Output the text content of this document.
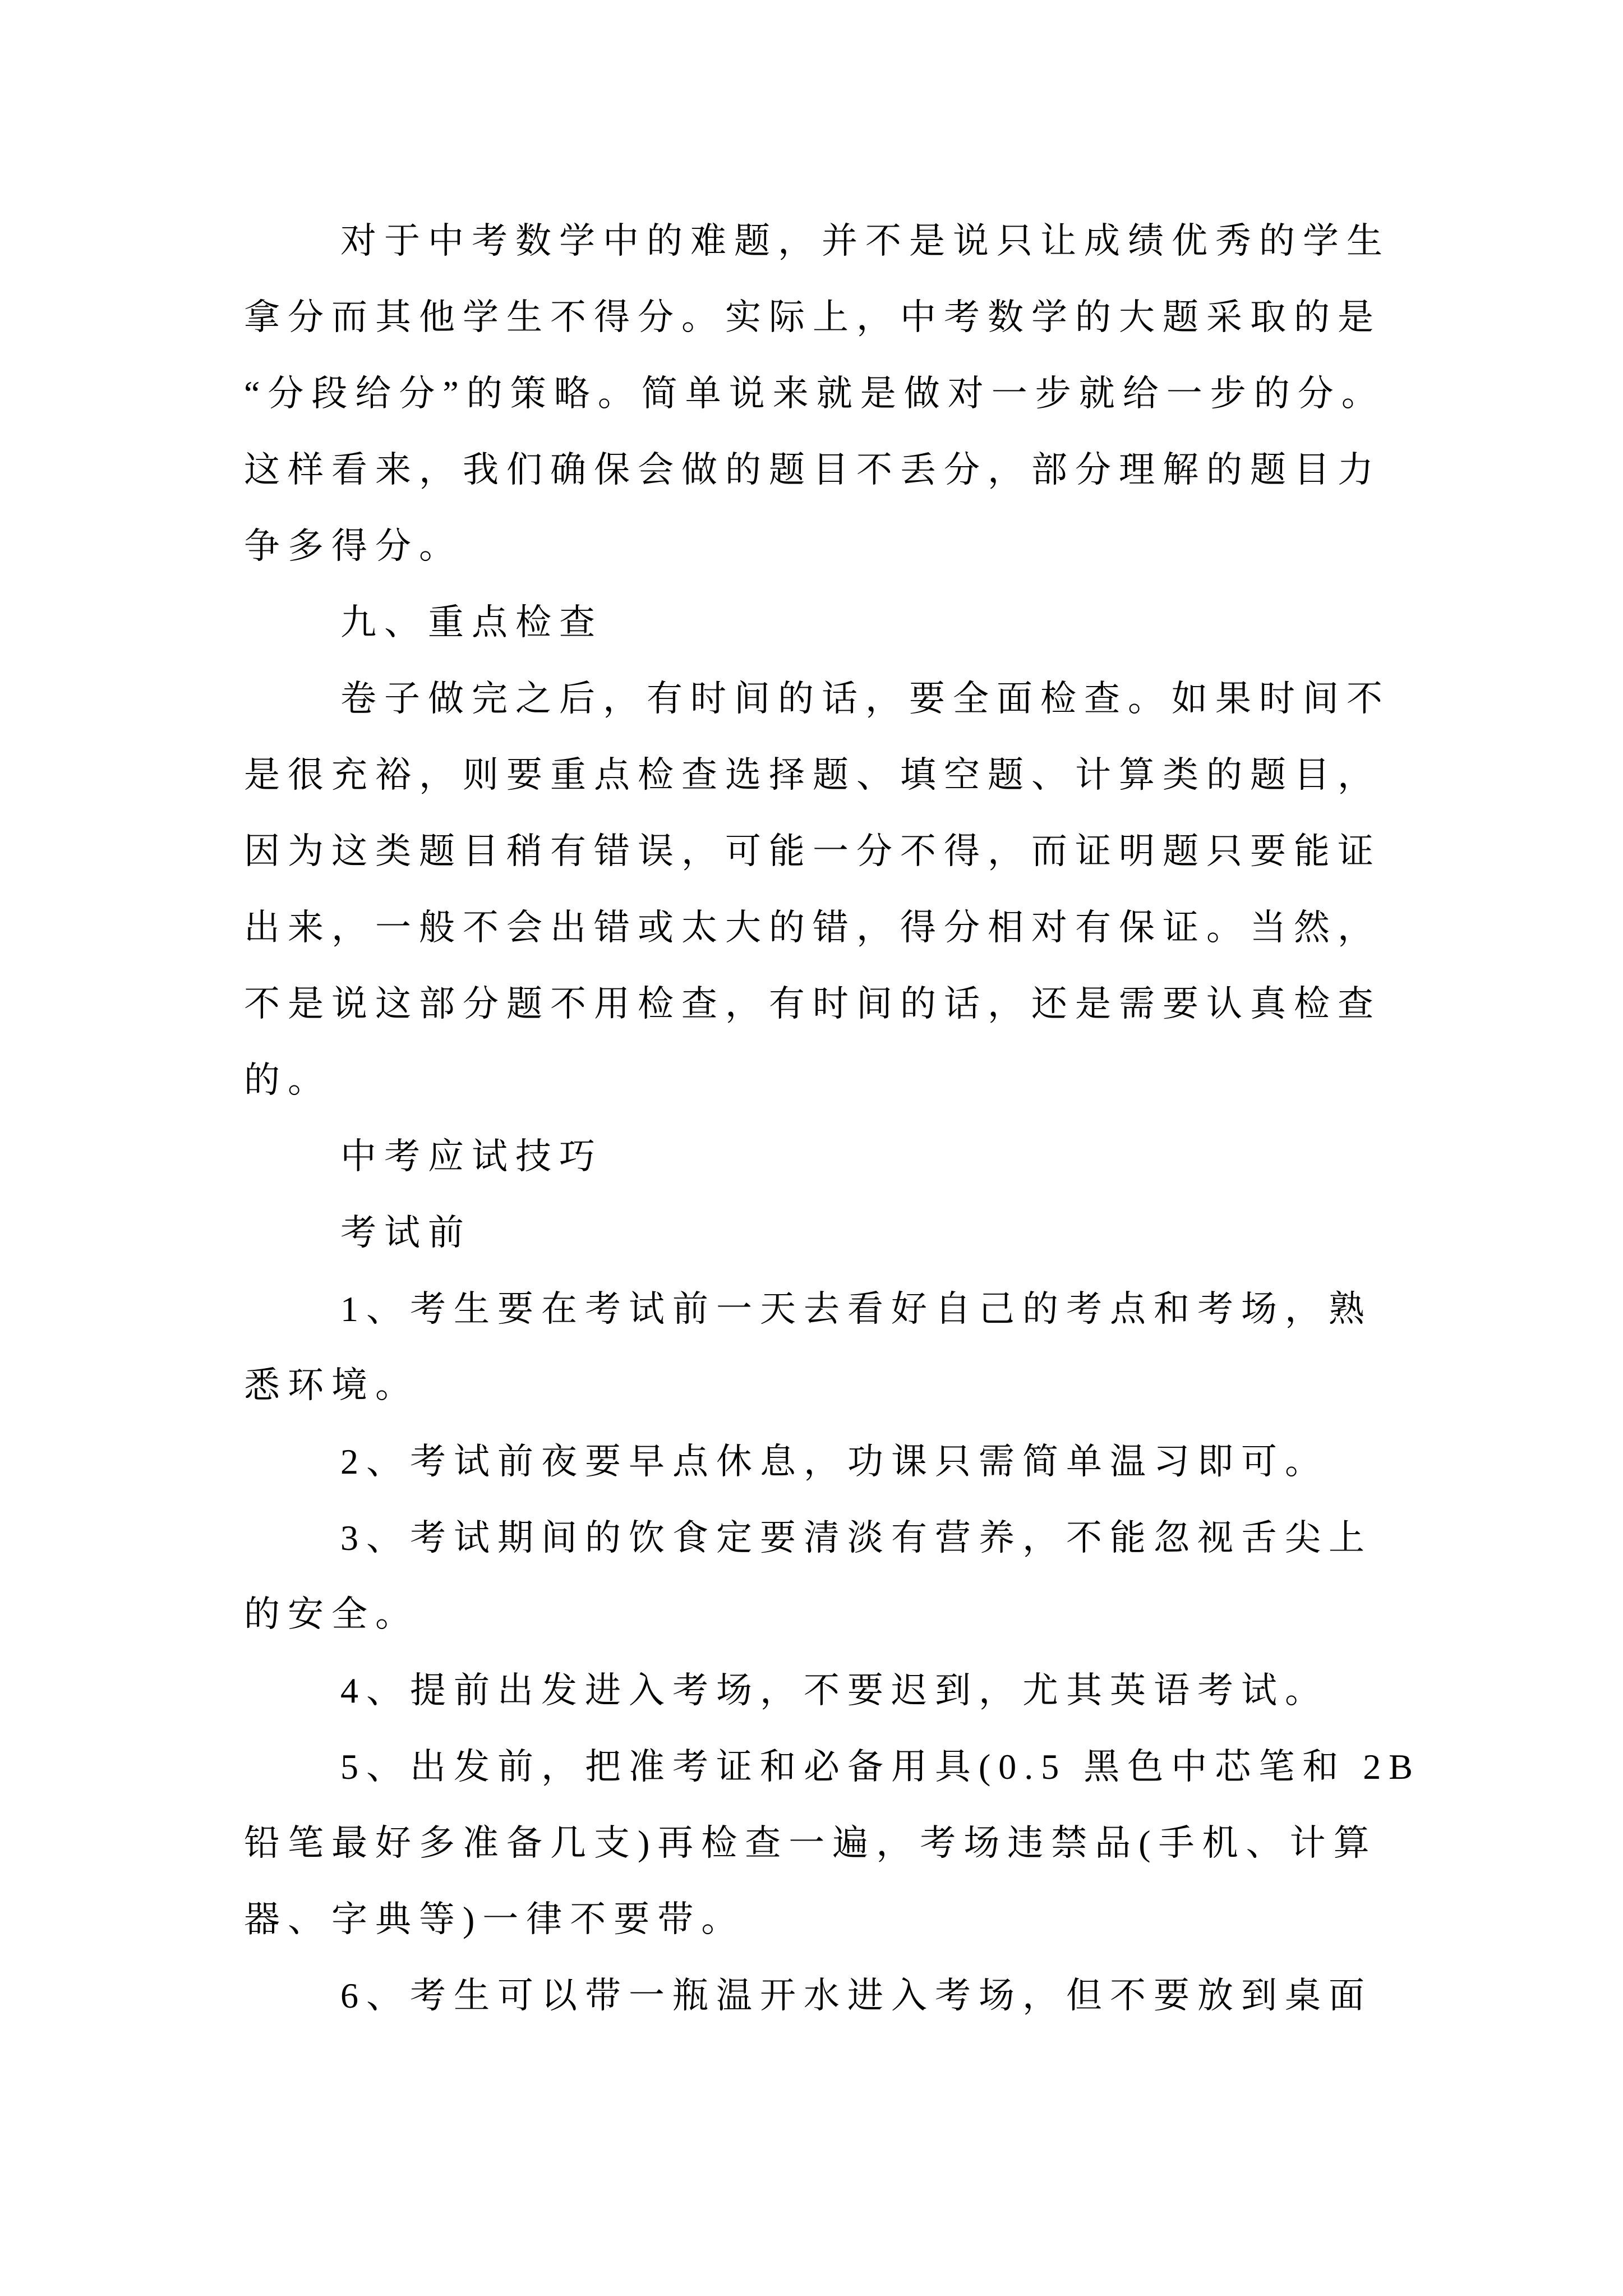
对于中考数学中的难题，并不是说只让成绩优秀的学生
拿分而其他学生不得分。实际上，中考数学的大题采取的是
“分段给分”的策略。简单说来就是做对一步就给一步的分。
这样看来，我们确保会做的题目不丢分，部分理解的题目力
争多得分。
九、重点检查
卷子做完之后，有时间的话，要全面检查。如果时间不
是很充裕，则要重点检查选择题、填空题、计算类的题目，
因为这类题目稍有错误，可能一分不得，而证明题只要能证
出来，一般不会出错或太大的错，得分相对有保证。当然，
不是说这部分题不用检查，有时间的话，还是需要认真检查
的。
中考应试技巧
考试前
1、考生要在考试前一天去看好自己的考点和考场，熟
悉环境。
2、考试前夜要早点休息，功课只需简单温习即可。
3、考试期间的饮食定要清淡有营养，不能忽视舌尖上
的安全。
4、提前出发进入考场，不要迟到，尤其英语考试。
5、出发前，把准考证和必备用具(0.5 黑色中芯笔和 2B
铅笔最好多准备几支)再检查一遍，考场违禁品(手机、计算
器、字典等)一律不要带。
6、考生可以带一瓶温开水进入考场，但不要放到桌面
